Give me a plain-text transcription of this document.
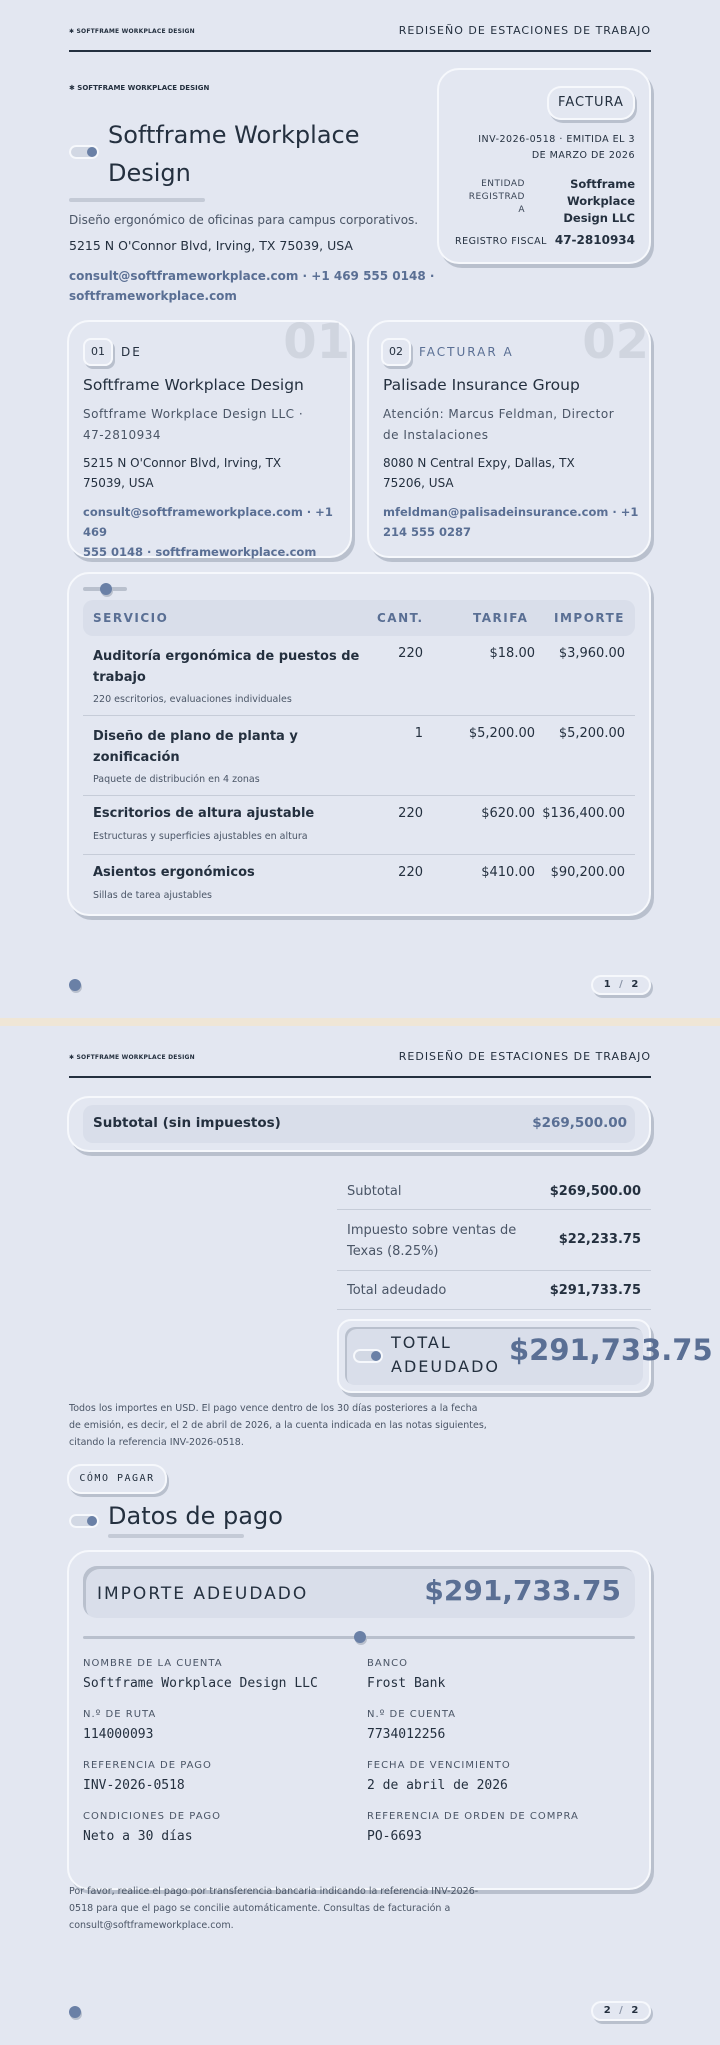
✱ SOFTFRAME WORKPLACE DESIGN	REDISEÑO DE ESTACIONES DE TRABAJO
✱ SOFTFRAME WORKPLACE DESIGN
Softframe Workplace
Design
Diseño ergonómico de oficinas para campus corporativos.
5215 N O'Connor Blvd, Irving, TX 75039, USA
consult@softframeworkplace.com · +1 469 555 0148 ·
softframeworkplace.com
FACTURA
INV-2026-0518 · EMITIDA EL 3
DE MARZO DE 2026
ENTIDAD
REGISTRAD
A
Softframe
Workplace
Design LLC
REGISTRO FISCAL 47-2810934
01
01	DE
Softframe Workplace Design
Softframe Workplace Design LLC ·
47-2810934
5215 N O'Connor Blvd, Irving, TX
75039, USA
consult@softframeworkplace.com · +1 469
555 0148 · softframeworkplace.com
02
02	FACTURAR A
Palisade Insurance Group
Atención: Marcus Feldman, Director
de Instalaciones
8080 N Central Expy, Dallas, TX
75206, USA
mfeldman@palisadeinsurance.com · +1
214 555 0287
SERVICIO	CANT.	TARIFA IMPORTE
Auditoría ergonómica de puestos de
trabajo
220 escritorios, evaluaciones individuales
220	$18.00 $3,960.00
Diseño de plano de planta y
zonificación
Paquete de distribución en 4 zonas
1	$5,200.00 $5,200.00
Escritorios de altura ajustable
Estructuras y superficies ajustables en altura
220	$620.00 $136,400.00
Asientos ergonómicos
Sillas de tarea ajustables
220	$410.00 $90,200.00
1 / 2
✱ SOFTFRAME WORKPLACE DESIGN	REDISEÑO DE ESTACIONES DE TRABAJO
Subtotal (sin impuestos)	$269,500.00
Subtotal	$269,500.00
Impuesto sobre ventas de
Texas (8.25%)
$22,233.75
Total adeudado	$291,733.75
TOTAL
ADEUDADO $291,733.75
Todos los importes en USD. El pago vence dentro de los 30 días posteriores a la fecha
de emisión, es decir, el 2 de abril de 2026, a la cuenta indicada en las notas siguientes,
citando la referencia INV-2026-0518.
CÓMO PAGAR
Datos de pago
IMPORTE ADEUDADO	$291,733.75
NOMBRE DE LA CUENTA
Softframe Workplace Design LLC
BANCO
Frost Bank
N.º DE RUTA
114000093
N.º DE CUENTA
7734012256
REFERENCIA DE PAGO
INV-2026-0518
FECHA DE VENCIMIENTO
2 de abril de 2026
CONDICIONES DE PAGO
Neto a 30 días
REFERENCIA DE ORDEN DE COMPRA
PO-6693
Por favor, realice el pago por transferencia bancaria indicando la referencia INV-2026-
0518 para que el pago se concilie automáticamente. Consultas de facturación a
consult@softframeworkplace.com.
2 / 2
